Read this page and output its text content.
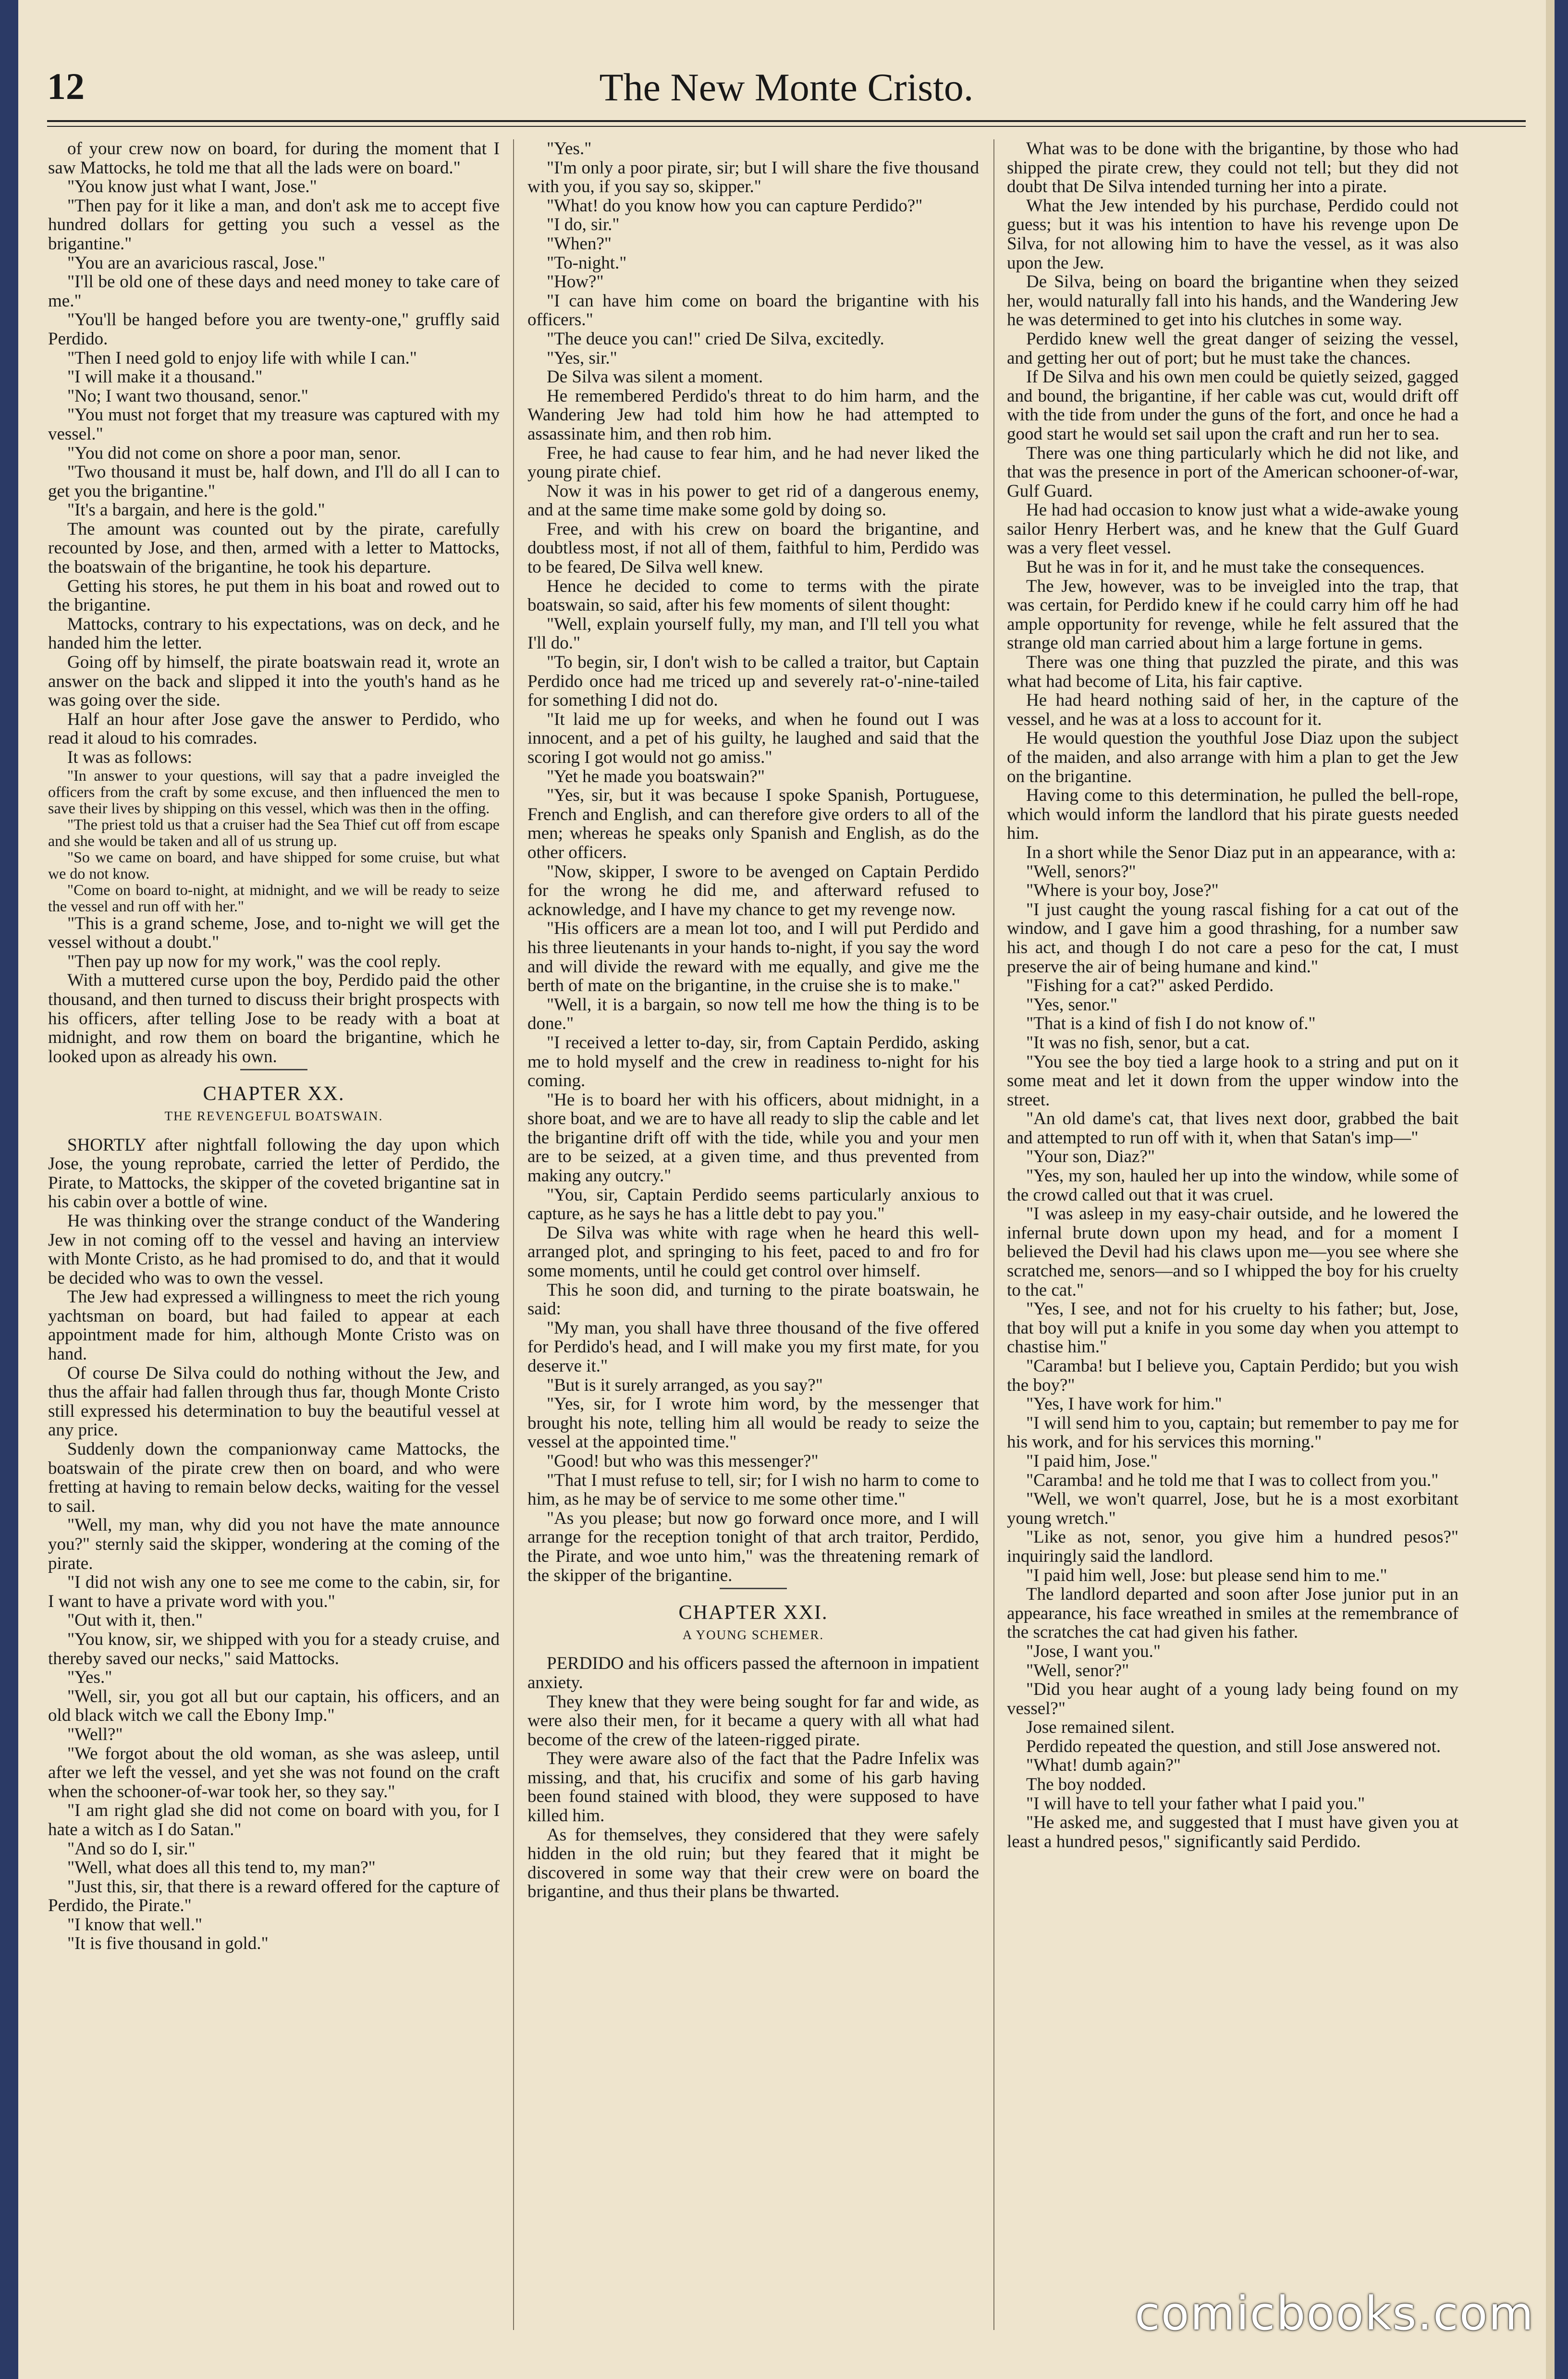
12	The New Monte Cristo.

of your crew now on board, for during the moment that I saw Mattocks, he told me that all the lads were on board."

"You know just what I want, Jose."

"Then pay for it like a man, and don't ask me to accept five hundred dollars for getting you such a vessel as the brigantine."

"You are an avaricious rascal, Jose."

"I'll be old one of these days and need money to take care of me."

"You'll be hanged before you are twenty-one," gruffly said Perdido.

"Then I need gold to enjoy life with while I can."

"I will make it a thousand."

"No; I want two thousand, senor."

"You must not forget that my treasure was captured with my vessel."

"You did not come on shore a poor man, senor.

"Two thousand it must be, half down, and I'll do all I can to get you the brigantine."

"It's a bargain, and here is the gold."

The amount was counted out by the pirate, carefully recounted by Jose, and then, armed with a letter to Mattocks, the boatswain of the brigantine, he took his departure.

Getting his stores, he put them in his boat and rowed out to the brigantine.

Mattocks, contrary to his expectations, was on deck, and he handed him the letter.

Going off by himself, the pirate boatswain read it, wrote an answer on the back and slipped it into the youth's hand as he was going over the side.

Half an hour after Jose gave the answer to Perdido, who read it aloud to his comrades.

It was as follows:

"In answer to your questions, will say that a padre inveigled the officers from the craft by some excuse, and then influenced the men to save their lives by shipping on this vessel, which was then in the offing.

"The priest told us that a cruiser had the Sea Thief cut off from escape and she would be taken and all of us strung up.

"So we came on board, and have shipped for some cruise, but what we do not know.

"Come on board to-night, at midnight, and we will be ready to seize the vessel and run off with her."

"This is a grand scheme, Jose, and to-night we will get the vessel without a doubt."

"Then pay up now for my work," was the cool reply.

With a muttered curse upon the boy, Perdido paid the other thousand, and then turned to discuss their bright prospects with his officers, after telling Jose to be ready with a boat at midnight, and row them on board the brigantine, which he looked upon as already his own.

CHAPTER XX.
THE REVENGEFUL BOATSWAIN.

SHORTLY after nightfall following the day upon which Jose, the young reprobate, carried the letter of Perdido, the Pirate, to Mattocks, the skipper of the coveted brigantine sat in his cabin over a bottle of wine.

He was thinking over the strange conduct of the Wandering Jew in not coming off to the vessel and having an interview with Monte Cristo, as he had promised to do, and that it would be decided who was to own the vessel.

The Jew had expressed a willingness to meet the rich young yachtsman on board, but had failed to appear at each appointment made for him, although Monte Cristo was on hand.

Of course De Silva could do nothing without the Jew, and thus the affair had fallen through thus far, though Monte Cristo still expressed his determination to buy the beautiful vessel at any price.

Suddenly down the companionway came Mattocks, the boatswain of the pirate crew then on board, and who were fretting at having to remain below decks, waiting for the vessel to sail.

"Well, my man, why did you not have the mate announce you?" sternly said the skipper, wondering at the coming of the pirate.

"I did not wish any one to see me come to the cabin, sir, for I want to have a private word with you."

"Out with it, then."

"You know, sir, we shipped with you for a steady cruise, and thereby saved our necks," said Mattocks.

"Yes."

"Well, sir, you got all but our captain, his officers, and an old black witch we call the Ebony Imp."

"Well?"

"We forgot about the old woman, as she was asleep, until after we left the vessel, and yet she was not found on the craft when the schooner-of-war took her, so they say."

"I am right glad she did not come on board with you, for I hate a witch as I do Satan."

"And so do I, sir."

"Well, what does all this tend to, my man?"

"Just this, sir, that there is a reward offered for the capture of Perdido, the Pirate."

"I know that well."

"It is five thousand in gold."

"Yes."

"I'm only a poor pirate, sir; but I will share the five thousand with you, if you say so, skipper."

"What! do you know how you can capture Perdido?"

"I do, sir."

"When?"

"To-night."

"How?"

"I can have him come on board the brigantine with his officers."

"The deuce you can!" cried De Silva, excitedly.

"Yes, sir."

De Silva was silent a moment.

He remembered Perdido's threat to do him harm, and the Wandering Jew had told him how he had attempted to assassinate him, and then rob him.

Free, he had cause to fear him, and he had never liked the young pirate chief.

Now it was in his power to get rid of a dangerous enemy, and at the same time make some gold by doing so.

Free, and with his crew on board the brigantine, and doubtless most, if not all of them, faithful to him, Perdido was to be feared, De Silva well knew.

Hence he decided to come to terms with the pirate boatswain, so said, after his few moments of silent thought:

"Well, explain yourself fully, my man, and I'll tell you what I'll do."

"To begin, sir, I don't wish to be called a traitor, but Captain Perdido once had me triced up and severely rat-o'-nine-tailed for something I did not do.

"It laid me up for weeks, and when he found out I was innocent, and a pet of his guilty, he laughed and said that the scoring I got would not go amiss."

"Yet he made you boatswain?"

"Yes, sir, but it was because I spoke Spanish, Portuguese, French and English, and can therefore give orders to all of the men; whereas he speaks only Spanish and English, as do the other officers.

"Now, skipper, I swore to be avenged on Captain Perdido for the wrong he did me, and afterward refused to acknowledge, and I have my chance to get my revenge now.

"His officers are a mean lot too, and I will put Perdido and his three lieutenants in your hands to-night, if you say the word and will divide the reward with me equally, and give me the berth of mate on the brigantine, in the cruise she is to make."

"Well, it is a bargain, so now tell me how the thing is to be done."

"I received a letter to-day, sir, from Captain Perdido, asking me to hold myself and the crew in readiness to-night for his coming.

"He is to board her with his officers, about midnight, in a shore boat, and we are to have all ready to slip the cable and let the brigantine drift off with the tide, while you and your men are to be seized, at a given time, and thus prevented from making any outcry."

"You, sir, Captain Perdido seems particularly anxious to capture, as he says he has a little debt to pay you."

De Silva was white with rage when he heard this well-arranged plot, and springing to his feet, paced to and fro for some moments, until he could get control over himself.

This he soon did, and turning to the pirate boatswain, he said:

"My man, you shall have three thousand of the five offered for Perdido's head, and I will make you my first mate, for you deserve it."

"But is it surely arranged, as you say?"

"Yes, sir, for I wrote him word, by the messenger that brought his note, telling him all would be ready to seize the vessel at the appointed time."

"Good! but who was this messenger?"

"That I must refuse to tell, sir; for I wish no harm to come to him, as he may be of service to me some other time."

"As you please; but now go forward once more, and I will arrange for the reception tonight of that arch traitor, Perdido, the Pirate, and woe unto him," was the threatening remark of the skipper of the brigantine.

CHAPTER XXI.
A YOUNG SCHEMER.

PERDIDO and his officers passed the afternoon in impatient anxiety.

They knew that they were being sought for far and wide, as were also their men, for it became a query with all what had become of the crew of the lateen-rigged pirate.

They were aware also of the fact that the Padre Infelix was missing, and that, his crucifix and some of his garb having been found stained with blood, they were supposed to have killed him.

As for themselves, they considered that they were safely hidden in the old ruin; but they feared that it might be discovered in some way that their crew were on board the brigantine, and thus their plans be thwarted.

What was to be done with the brigantine, by those who had shipped the pirate crew, they could not tell; but they did not doubt that De Silva intended turning her into a pirate.

What the Jew intended by his purchase, Perdido could not guess; but it was his intention to have his revenge upon De Silva, for not allowing him to have the vessel, as it was also upon the Jew.

De Silva, being on board the brigantine when they seized her, would naturally fall into his hands, and the Wandering Jew he was determined to get into his clutches in some way.

Perdido knew well the great danger of seizing the vessel, and getting her out of port; but he must take the chances.

If De Silva and his own men could be quietly seized, gagged and bound, the brigantine, if her cable was cut, would drift off with the tide from under the guns of the fort, and once he had a good start he would set sail upon the craft and run her to sea.

There was one thing particularly which he did not like, and that was the presence in port of the American schooner-of-war, Gulf Guard.

He had had occasion to know just what a wide-awake young sailor Henry Herbert was, and he knew that the Gulf Guard was a very fleet vessel.

But he was in for it, and he must take the consequences.

The Jew, however, was to be inveigled into the trap, that was certain, for Perdido knew if he could carry him off he had ample opportunity for revenge, while he felt assured that the strange old man carried about him a large fortune in gems.

There was one thing that puzzled the pirate, and this was what had become of Lita, his fair captive.

He had heard nothing said of her, in the capture of the vessel, and he was at a loss to account for it.

He would question the youthful Jose Diaz upon the subject of the maiden, and also arrange with him a plan to get the Jew on the brigantine.

Having come to this determination, he pulled the bell-rope, which would inform the landlord that his pirate guests needed him.

In a short while the Senor Diaz put in an appearance, with a:

"Well, senors?"

"Where is your boy, Jose?"

"I just caught the young rascal fishing for a cat out of the window, and I gave him a good thrashing, for a number saw his act, and though I do not care a peso for the cat, I must preserve the air of being humane and kind."

"Fishing for a cat?" asked Perdido.

"Yes, senor."

"That is a kind of fish I do not know of."

"It was no fish, senor, but a cat.

"You see the boy tied a large hook to a string and put on it some meat and let it down from the upper window into the street.

"An old dame's cat, that lives next door, grabbed the bait and attempted to run off with it, when that Satan's imp—"

"Your son, Diaz?"

"Yes, my son, hauled her up into the window, while some of the crowd called out that it was cruel.

"I was asleep in my easy-chair outside, and he lowered the infernal brute down upon my head, and for a moment I believed the Devil had his claws upon me—you see where she scratched me, senors—and so I whipped the boy for his cruelty to the cat."

"Yes, I see, and not for his cruelty to his father; but, Jose, that boy will put a knife in you some day when you attempt to chastise him."

"Caramba! but I believe you, Captain Perdido; but you wish the boy?"

"Yes, I have work for him."

"I will send him to you, captain; but remember to pay me for his work, and for his services this morning."

"I paid him, Jose."

"Caramba! and he told me that I was to collect from you."

"Well, we won't quarrel, Jose, but he is a most exorbitant young wretch."

"Like as not, senor, you give him a hundred pesos?" inquiringly said the landlord.

"I paid him well, Jose: but please send him to me."

The landlord departed and soon after Jose junior put in an appearance, his face wreathed in smiles at the remembrance of the scratches the cat had given his father.

"Jose, I want you."

"Well, senor?"

"Did you hear aught of a young lady being found on my vessel?"

Jose remained silent.

Perdido repeated the question, and still Jose answered not.

"What! dumb again?"

The boy nodded.

"I will have to tell your father what I paid you."

"He asked me, and suggested that I must have given you at least a hundred pesos," significantly said Perdido.

comicbooks.com
